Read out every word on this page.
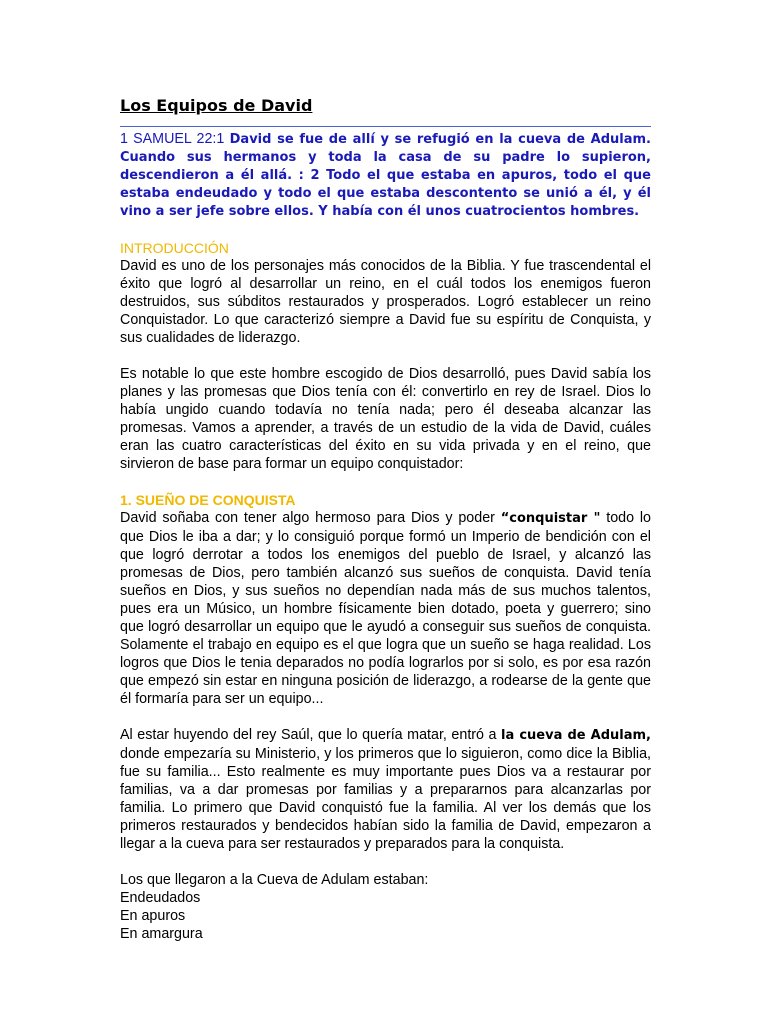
Los Equipos de David
1 SAMUEL 22:1 David se fue de allí y se refugió en la cueva de Adulam. Cuando sus hermanos y toda la casa de su padre lo supieron, descendieron a él allá. : 2 Todo el que estaba en apuros, todo el que estaba endeudado y todo el que estaba descontento se unió a él, y él vino a ser jefe sobre ellos. Y había con él unos cuatrocientos hombres.
INTRODUCCIÓN

David es uno de los personajes más conocidos de la Biblia. Y fue trascendental el éxito que logró al desarrollar un reino, en el cuál todos los enemigos fueron destruidos, sus súbditos restaurados y prosperados. Logró establecer un reino Conquistador. Lo que caracterizó siempre a David fue su espíritu de Conquista, y sus cualidades de liderazgo.

Es notable lo que este hombre escogido de Dios desarrolló, pues David sabía los planes y las promesas que Dios tenía con él: convertirlo en rey de Israel. Dios lo había ungido cuando todavía no tenía nada; pero él deseaba alcanzar las promesas. Vamos a aprender, a través de un estudio de la vida de David, cuáles eran las cuatro características del éxito en su vida privada y en el reino, que sirvieron de base para formar un equipo conquistador:

1. SUEÑO DE CONQUISTA

David soñaba con tener algo hermoso para Dios y poder “conquistar " todo lo que Dios le iba a dar; y lo consiguió porque formó un Imperio de bendición con el que logró derrotar a todos los enemigos del pueblo de Israel, y alcanzó las promesas de Dios, pero también alcanzó sus sueños de conquista. David tenía sueños en Dios, y sus sueños no dependían nada más de sus muchos talentos, pues era un Músico, un hombre físicamente bien dotado, poeta y guerrero; sino que logró desarrollar un equipo que le ayudó a conseguir sus sueños de conquista. Solamente el trabajo en equipo es el que logra que un sueño se haga realidad. Los logros que Dios le tenia deparados no podía lograrlos por si solo, es por esa razón que empezó sin estar en ninguna posición de liderazgo, a rodearse de la gente que él formaría para ser un equipo...

Al estar huyendo del rey Saúl, que lo quería matar, entró a la cueva de Adulam, donde empezaría su Ministerio, y los primeros que lo siguieron, como dice la Biblia, fue su familia... Esto realmente es muy importante pues Dios va a restaurar por familias, va a dar promesas por familias y a prepararnos para alcanzarlas por familia. Lo primero que David conquistó fue la familia. Al ver los demás que los primeros restaurados y bendecidos habían sido la familia de David, empezaron a llegar a la cueva para ser restaurados y preparados para la conquista.

Los que llegaron a la Cueva de Adulam estaban:

Endeudados
En apuros
En amargura
